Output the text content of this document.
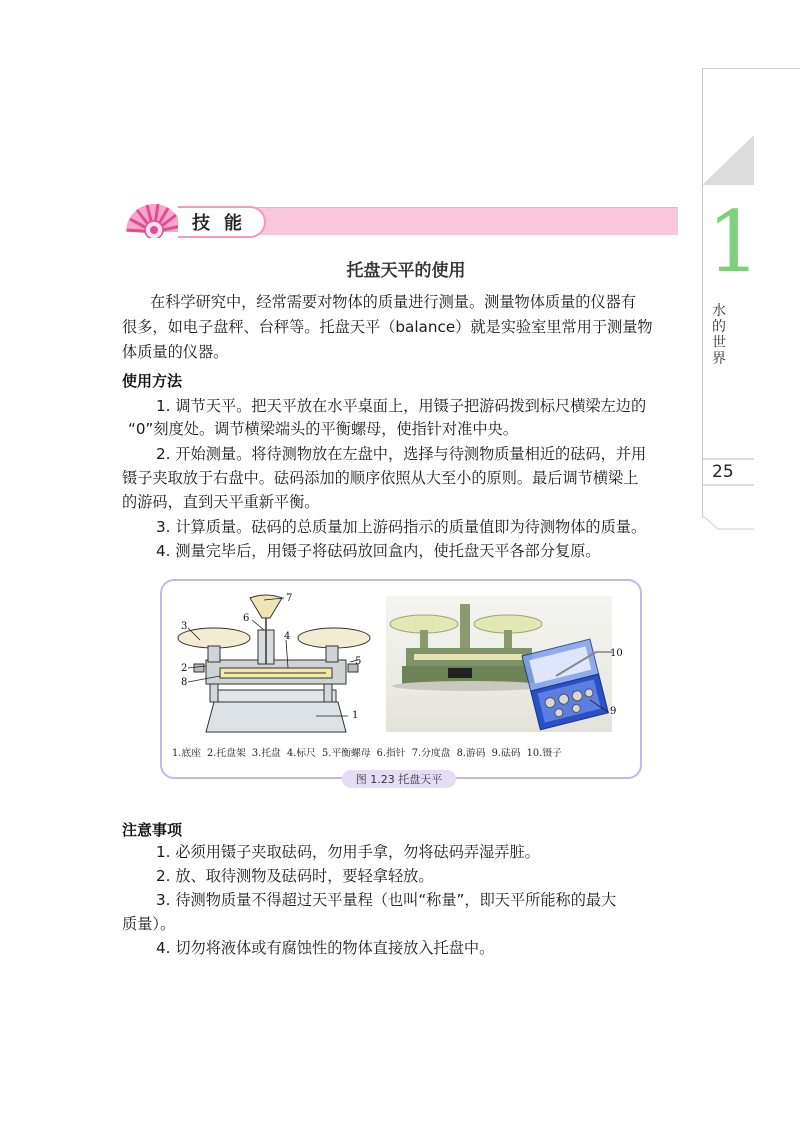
1
水的世界
25
技能
托盘天平的使用
在科学研究中，经常需要对物体的质量进行测量。测量物体质量的仪器有
很多，如电子盘秤、台秤等。托盘天平（balance）就是实验室里常用于测量物
体质量的仪器。
使用方法
1. 调节天平。把天平放在水平桌面上，用镊子把游码拨到标尺横梁左边的
“0”刻度处。调节横梁端头的平衡螺母，使指针对准中央。
2. 开始测量。将待测物放在左盘中，选择与待测物质量相近的砝码，并用
镊子夹取放于右盘中。砝码添加的顺序依照从大至小的原则。最后调节横梁上
的游码，直到天平重新平衡。
3. 计算质量。砝码的总质量加上游码指示的质量值即为待测物体的质量。
4. 测量完毕后，用镊子将砝码放回盒内，使托盘天平各部分复原。
7
6
3
4
5
2
8
1
10
9
1.底座 2.托盘架 3.托盘 4.标尺 5.平衡螺母 6.指针 7.分度盘 8.游码 9.砝码 10.镊子
图 1.23 托盘天平
注意事项
1. 必须用镊子夹取砝码，勿用手拿，勿将砝码弄湿弄脏。
2. 放、取待测物及砝码时，要轻拿轻放。
3. 待测物质量不得超过天平量程（也叫“称量”，即天平所能称的最大
质量）。
4. 切勿将液体或有腐蚀性的物体直接放入托盘中。
